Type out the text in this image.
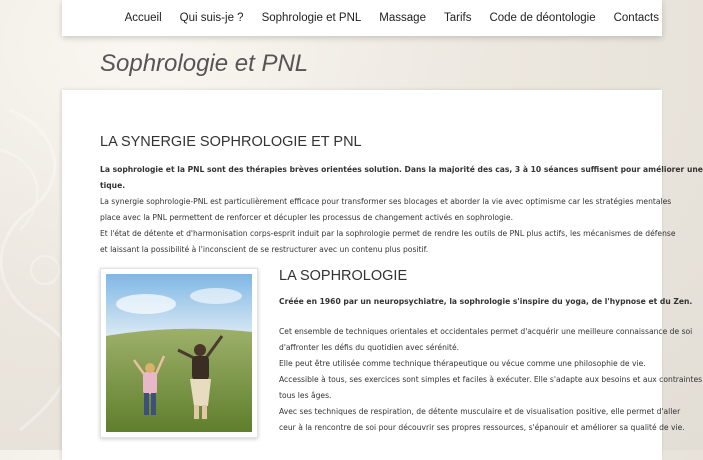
Accueil	Qui suis-je ?	Sophrologie et PNL	Massage	Tarifs	Code de déontologie	Contacts
Sophrologie et PNL
LA SYNERGIE SOPHROLOGIE ET PNL

La sophrologie et la PNL sont des thérapies brèves orientées solution. Dans la majorité des cas, 3 à 10 séances suffisent pour améliorer une
tique.

La synergie sophrologie-PNL est particulièrement efficace pour transformer ses blocages et aborder la vie avec optimisme car les stratégies mentales
place avec la PNL permettent de renforcer et décupler les processus de changement activés en sophrologie.
Et l'état de détente et d'harmonisation corps-esprit induit par la sophrologie permet de rendre les outils de PNL plus actifs, les mécanismes de défense
et laissant la possibilité à l'inconscient de se restructurer avec un contenu plus positif.

LA SOPHROLOGIE

Créée en 1960 par un neuropsychiatre, la sophrologie s'inspire du yoga, de l'hypnose et du Zen.

Cet ensemble de techniques orientales et occidentales permet d'acquérir une meilleure connaissance de soi
d'affronter les défis du quotidien avec sérénité.
Elle peut être utilisée comme technique thérapeutique ou vécue comme une philosophie de vie.
Accessible à tous, ses exercices sont simples et faciles à exécuter. Elle s'adapte aux besoins et aux contraintes
tous les âges.
Avec ses techniques de respiration, de détente musculaire et de visualisation positive, elle permet d'aller
ceur à la rencontre de soi pour découvrir ses propres ressources, s'épanouir et améliorer sa qualité de vie.
